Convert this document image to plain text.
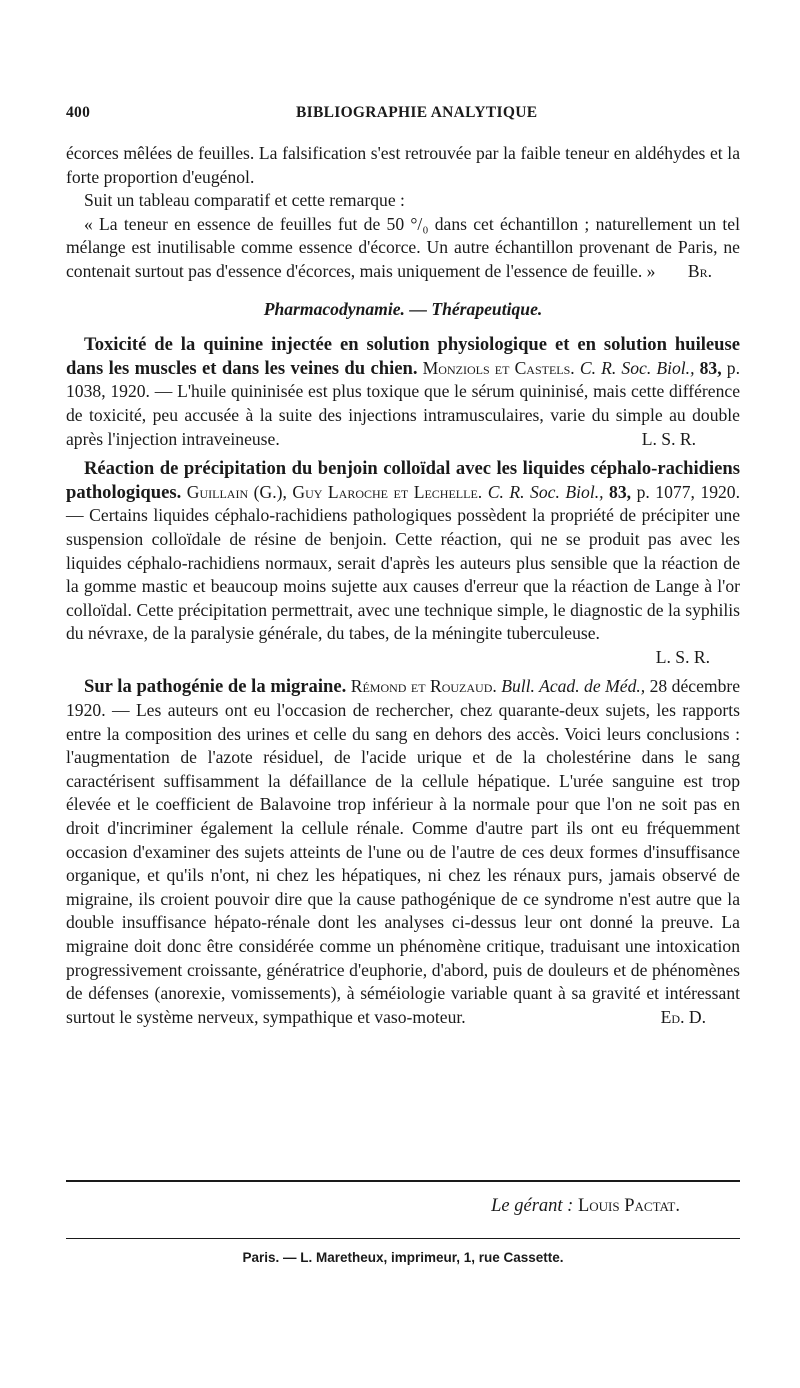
400	BIBLIOGRAPHIE ANALYTIQUE

écorces mêlées de feuilles. La falsification s'est retrouvée par la faible teneur en aldéhydes et la forte proportion d'eugénol.

Suit un tableau comparatif et cette remarque :

« La teneur en essence de feuilles fut de 50 °/₀ dans cet échantillon ; naturellement un tel mélange est inutilisable comme essence d'écorce. Un autre échantillon provenant de Paris, ne contenait surtout pas d'essence d'écorces, mais uniquement de l'essence de feuille. »	Br.

Pharmacodynamie. — Thérapeutique.

Toxicité de la quinine injectée en solution physiologique et en solution huileuse dans les muscles et dans les veines du chien. Monziols et Castels. C. R. Soc. Biol., 83, p. 1038, 1920. — L'huile quininisée est plus toxique que le sérum quininisé, mais cette différence de toxicité, peu accusée à la suite des injections intramusculaires, varie du simple au double après l'injection intraveineuse.	L. S. R.

Réaction de précipitation du benjoin colloïdal avec les liquides céphalo-rachidiens pathologiques. Guillain (G.), Guy Laroche et Lechelle. C. R. Soc. Biol., 83, p. 1077, 1920. — Certains liquides céphalo-rachidiens pathologiques possèdent la propriété de précipiter une suspension colloïdale de résine de benjoin. Cette réaction, qui ne se produit pas avec les liquides céphalo-rachidiens normaux, serait d'après les auteurs plus sensible que la réaction de la gomme mastic et beaucoup moins sujette aux causes d'erreur que la réaction de Lange à l'or colloïdal. Cette précipitation permettrait, avec une technique simple, le diagnostic de la syphilis du névraxe, de la paralysie générale, du tabes, de la méningite tuberculeuse.

L. S. R.

Sur la pathogénie de la migraine. Rémond et Rouzaud. Bull. Acad. de Méd., 28 décembre 1920. — Les auteurs ont eu l'occasion de rechercher, chez quarante-deux sujets, les rapports entre la composition des urines et celle du sang en dehors des accès. Voici leurs conclusions : l'augmentation de l'azote résiduel, de l'acide urique et de la cholestérine dans le sang caractérisent suffisamment la défaillance de la cellule hépatique. L'urée sanguine est trop élevée et le coefficient de Balavoine trop inférieur à la normale pour que l'on ne soit pas en droit d'incriminer également la cellule rénale. Comme d'autre part ils ont eu fréquemment occasion d'examiner des sujets atteints de l'une ou de l'autre de ces deux formes d'insuffisance organique, et qu'ils n'ont, ni chez les hépatiques, ni chez les rénaux purs, jamais observé de migraine, ils croient pouvoir dire que la cause pathogénique de ce syndrome n'est autre que la double insuffisance hépato-rénale dont les analyses ci-dessus leur ont donné la preuve. La migraine doit donc être considérée comme un phénomène critique, traduisant une intoxication progressivement croissante, génératrice d'euphorie, d'abord, puis de douleurs et de phénomènes de défenses (anorexie, vomissements), à séméiologie variable quant à sa gravité et intéressant surtout le système nerveux, sympathique et vaso-moteur.	Ed. D.

Le gérant : Louis Pactat.
Paris. — L. Maretheux, imprimeur, 1, rue Cassette.
